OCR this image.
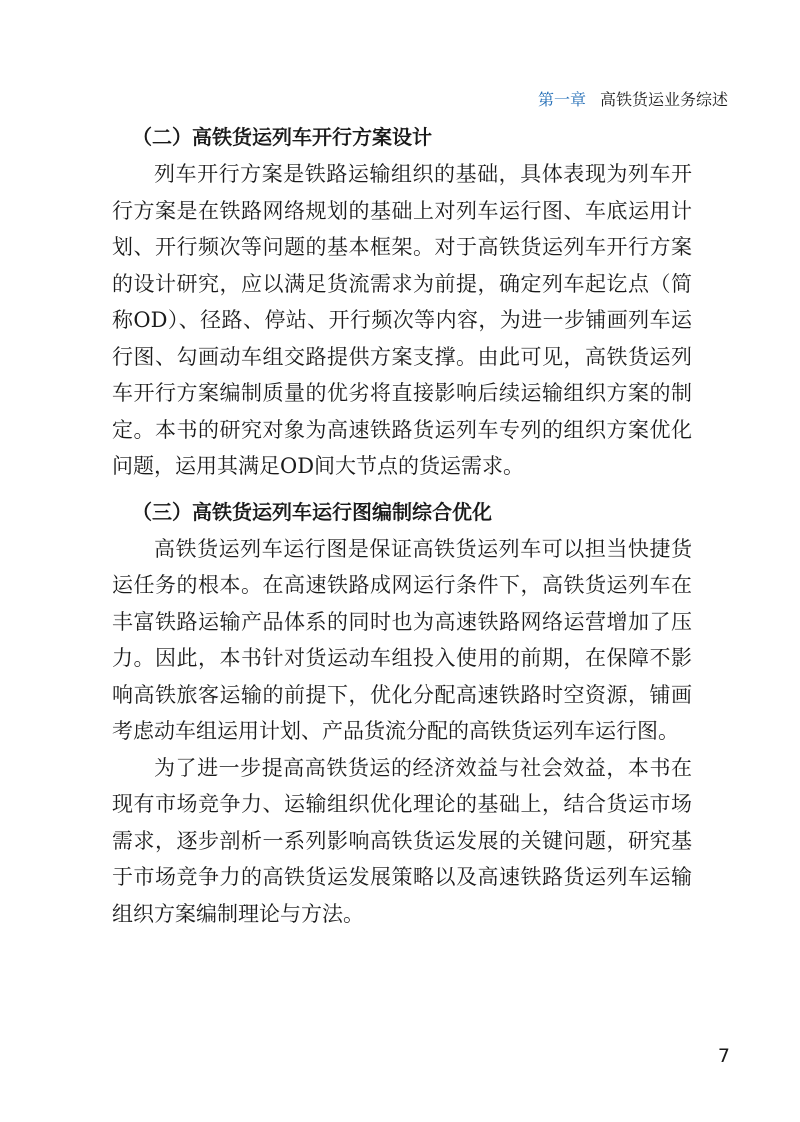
第一章 高铁货运业务综述
（二）高铁货运列车开行方案设计

列车开行方案是铁路运输组织的基础，具体表现为列车开行方案是在铁路网络规划的基础上对列车运行图、车底运用计划、开行频次等问题的基本框架。对于高铁货运列车开行方案的设计研究，应以满足货流需求为前提，确定列车起讫点（简称OD）、径路、停站、开行频次等内容，为进一步铺画列车运行图、勾画动车组交路提供方案支撑。由此可见，高铁货运列车开行方案编制质量的优劣将直接影响后续运输组织方案的制定。本书的研究对象为高速铁路货运列车专列的组织方案优化问题，运用其满足OD间大节点的货运需求。

（三）高铁货运列车运行图编制综合优化

高铁货运列车运行图是保证高铁货运列车可以担当快捷货运任务的根本。在高速铁路成网运行条件下，高铁货运列车在丰富铁路运输产品体系的同时也为高速铁路网络运营增加了压力。因此，本书针对货运动车组投入使用的前期，在保障不影响高铁旅客运输的前提下，优化分配高速铁路时空资源，铺画考虑动车组运用计划、产品货流分配的高铁货运列车运行图。

为了进一步提高高铁货运的经济效益与社会效益，本书在现有市场竞争力、运输组织优化理论的基础上，结合货运市场需求，逐步剖析一系列影响高铁货运发展的关键问题，研究基于市场竞争力的高铁货运发展策略以及高速铁路货运列车运输组织方案编制理论与方法。

7
